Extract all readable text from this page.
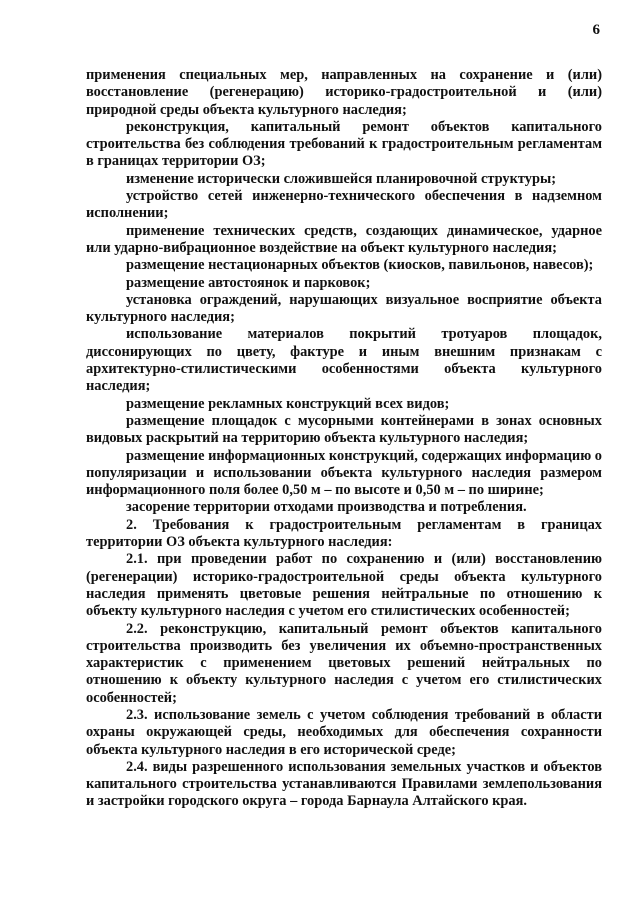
6

применения специальных мер, направленных на сохранение и (или) восстановление (регенерацию) историко-градостроительной и (или) природной среды объекта культурного наследия;

реконструкция, капитальный ремонт объектов капитального строительства без соблюдения требований к градостроительным регламентам в границах территории ОЗ;

изменение исторически сложившейся планировочной структуры;

устройство сетей инженерно-технического обеспечения в надземном исполнении;

применение технических средств, создающих динамическое, ударное или ударно-вибрационное воздействие на объект культурного наследия;

размещение нестационарных объектов (киосков, павильонов, навесов);

размещение автостоянок и парковок;

установка ограждений, нарушающих визуальное восприятие объекта культурного наследия;

использование материалов покрытий тротуаров площадок, диссонирующих по цвету, фактуре и иным внешним признакам с архитектурно-стилистическими особенностями объекта культурного наследия;

размещение рекламных конструкций всех видов;

размещение площадок с мусорными контейнерами в зонах основных видовых раскрытий на территорию объекта культурного наследия;

размещение информационных конструкций, содержащих информацию о популяризации и использовании объекта культурного наследия размером информационного поля более 0,50 м – по высоте и 0,50 м – по ширине;

засорение территории отходами производства и потребления.

2. Требования к градостроительным регламентам в границах территории ОЗ объекта культурного наследия:

2.1. при проведении работ по сохранению и (или) восстановлению (регенерации) историко-градостроительной среды объекта культурного наследия применять цветовые решения нейтральные по отношению к объекту культурного наследия с учетом его стилистических особенностей;

2.2. реконструкцию, капитальный ремонт объектов капитального строительства производить без увеличения их объемно-пространственных характеристик с применением цветовых решений нейтральных по отношению к объекту культурного наследия с учетом его стилистических особенностей;

2.3. использование земель с учетом соблюдения требований в области охраны окружающей среды, необходимых для обеспечения сохранности объекта культурного наследия в его исторической среде;

2.4. виды разрешенного использования земельных участков и объектов капитального строительства устанавливаются Правилами землепользования и застройки городского округа – города Барнаула Алтайского края.
